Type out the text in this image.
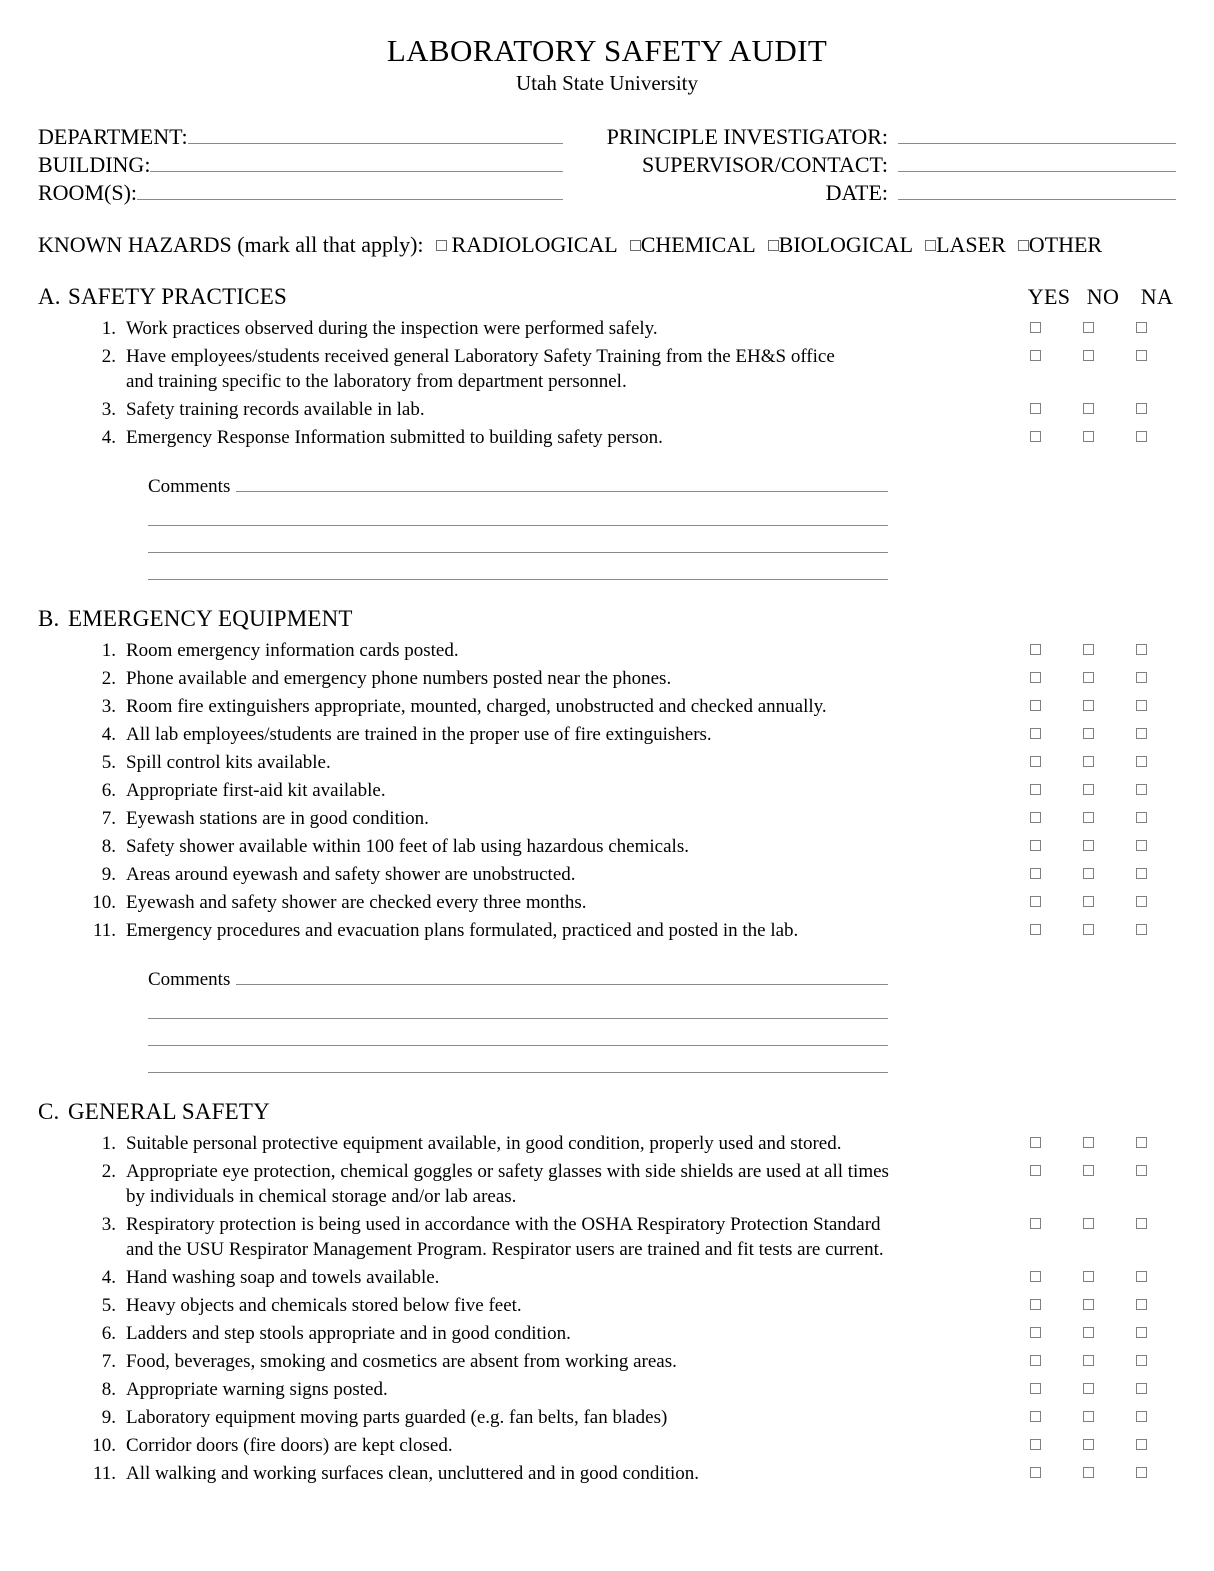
LABORATORY SAFETY AUDIT
Utah State University
DEPARTMENT:
BUILDING:
ROOM(S):
PRINCIPLE INVESTIGATOR:
SUPERVISOR/CONTACT:
DATE:
KNOWN HAZARDS (mark all that apply): RADIOLOGICAL CHEMICAL BIOLOGICAL LASER OTHER
A. SAFETY PRACTICES	YES NO NA
1. Work practices observed during the inspection were performed safely.
2. Have employees/students received general Laboratory Safety Training from the EH&S office
and training specific to the laboratory from department personnel.
3. Safety training records available in lab.
4. Emergency Response Information submitted to building safety person.
Comments
B. EMERGENCY EQUIPMENT
1. Room emergency information cards posted.
2. Phone available and emergency phone numbers posted near the phones.
3. Room fire extinguishers appropriate, mounted, charged, unobstructed and checked annually.
4. All lab employees/students are trained in the proper use of fire extinguishers.
5. Spill control kits available.
6. Appropriate first-aid kit available.
7. Eyewash stations are in good condition.
8. Safety shower available within 100 feet of lab using hazardous chemicals.
9. Areas around eyewash and safety shower are unobstructed.
10. Eyewash and safety shower are checked every three months.
11. Emergency procedures and evacuation plans formulated, practiced and posted in the lab.
Comments
C. GENERAL SAFETY
1. Suitable personal protective equipment available, in good condition, properly used and stored.
2. Appropriate eye protection, chemical goggles or safety glasses with side shields are used at all times
by individuals in chemical storage and/or lab areas.
3. Respiratory protection is being used in accordance with the OSHA Respiratory Protection Standard
and the USU Respirator Management Program. Respirator users are trained and fit tests are current.
4. Hand washing soap and towels available.
5. Heavy objects and chemicals stored below five feet.
6. Ladders and step stools appropriate and in good condition.
7. Food, beverages, smoking and cosmetics are absent from working areas.
8. Appropriate warning signs posted.
9. Laboratory equipment moving parts guarded (e.g. fan belts, fan blades)
10. Corridor doors (fire doors) are kept closed.
11. All walking and working surfaces clean, uncluttered and in good condition.
